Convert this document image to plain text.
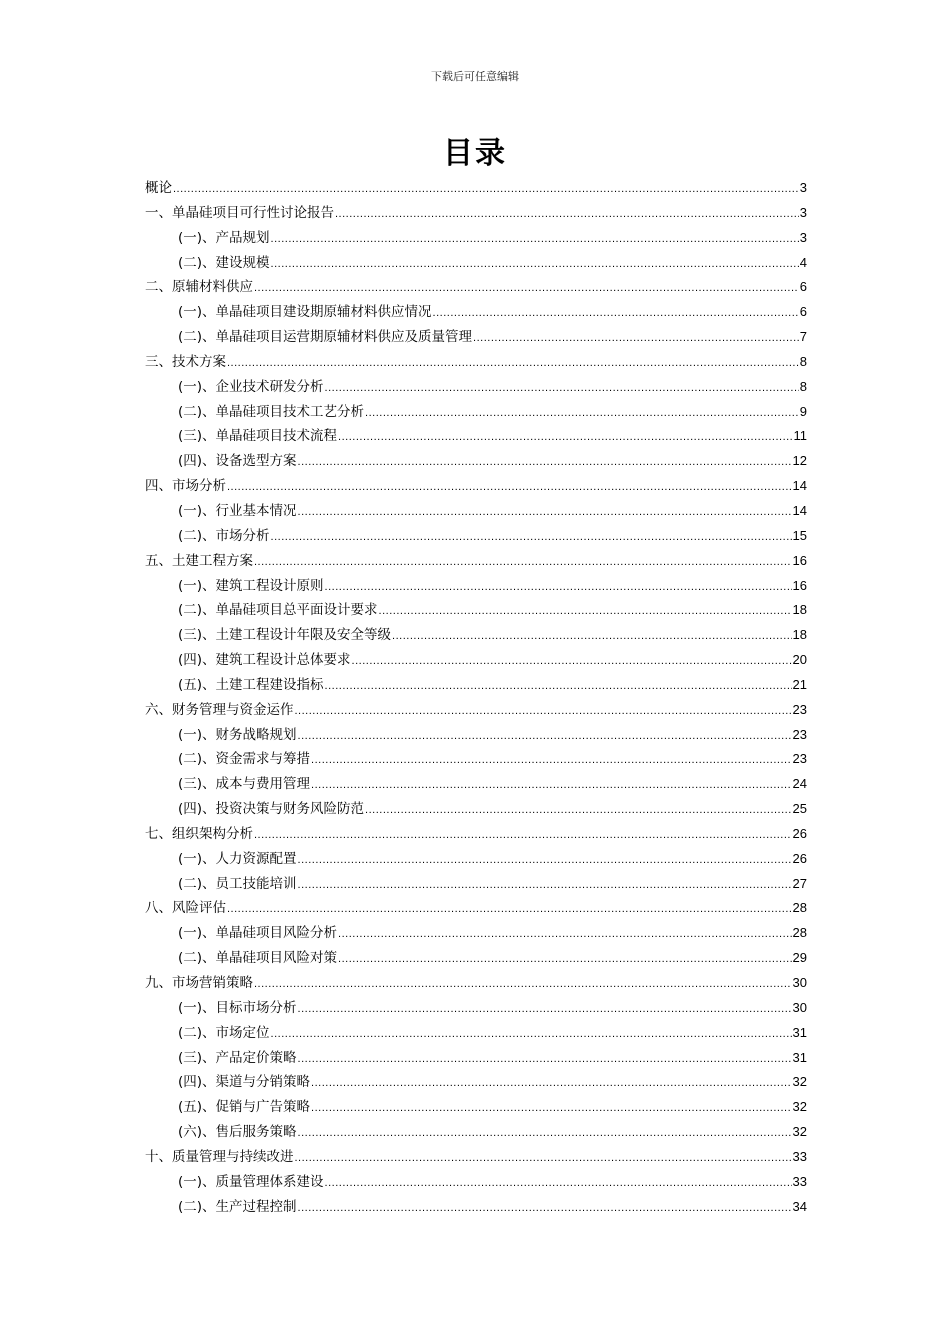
下载后可任意编辑
目录
概论 .....	3
一、单晶硅项目可行性讨论报告 .....	3
(一)、产品规划 .....	3
(二)、建设规模 .....	4
二、原辅材料供应 .....	6
(一)、单晶硅项目建设期原辅材料供应情况 .....	6
(二)、单晶硅项目运营期原辅材料供应及质量管理 .....	7
三、技术方案 .....	8
(一)、企业技术研发分析 .....	8
(二)、单晶硅项目技术工艺分析 .....	9
(三)、单晶硅项目技术流程 .....	11
(四)、设备选型方案 .....	12
四、市场分析 .....	14
(一)、行业基本情况 .....	14
(二)、市场分析 .....	15
五、土建工程方案 .....	16
(一)、建筑工程设计原则 .....	16
(二)、单晶硅项目总平面设计要求 .....	18
(三)、土建工程设计年限及安全等级 .....	18
(四)、建筑工程设计总体要求 .....	20
(五)、土建工程建设指标 .....	21
六、财务管理与资金运作 .....	23
(一)、财务战略规划 .....	23
(二)、资金需求与筹措 .....	23
(三)、成本与费用管理 .....	24
(四)、投资决策与财务风险防范 .....	25
七、组织架构分析 .....	26
(一)、人力资源配置 .....	26
(二)、员工技能培训 .....	27
八、风险评估 .....	28
(一)、单晶硅项目风险分析 .....	28
(二)、单晶硅项目风险对策 .....	29
九、市场营销策略 .....	30
(一)、目标市场分析 .....	30
(二)、市场定位 .....	31
(三)、产品定价策略 .....	31
(四)、渠道与分销策略 .....	32
(五)、促销与广告策略 .....	32
(六)、售后服务策略 .....	32
十、质量管理与持续改进 .....	33
(一)、质量管理体系建设 .....	33
(二)、生产过程控制 .....	34
